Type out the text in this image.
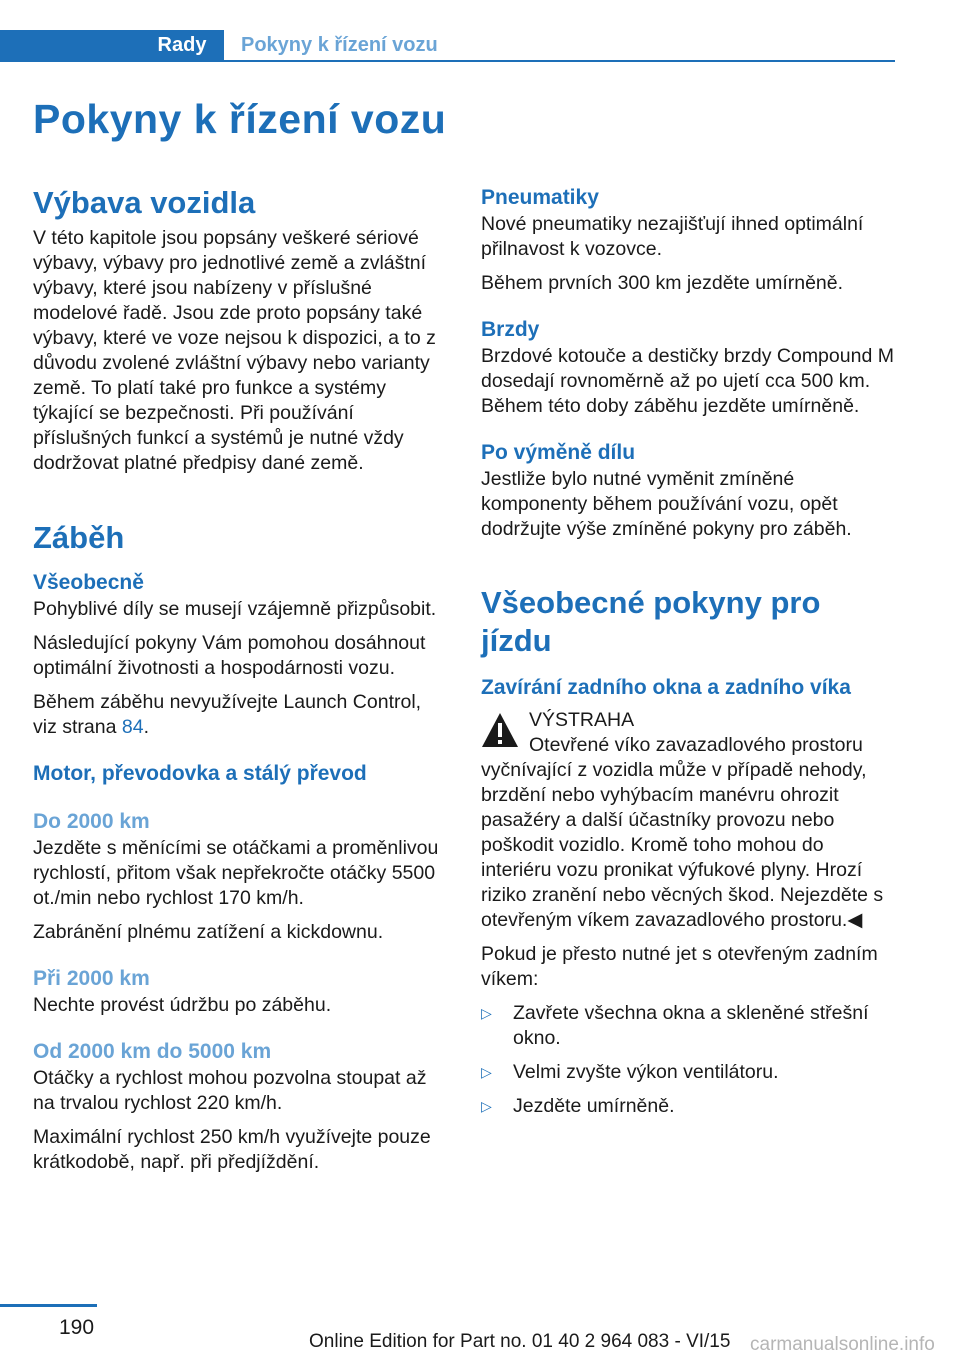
Rady	Pokyny k řízení vozu
Pokyny k řízení vozu
Výbava vozidla

V této kapitole jsou popsány veškeré sériové výbavy, výbavy pro jednotlivé země a zvláštní výbavy, které jsou nabízeny v příslušné modelové řadě. Jsou zde proto popsány také výbavy, které ve voze nejsou k dispozici, a to z důvodu zvolené zvláštní výbavy nebo varianty země. To platí také pro funkce a systémy týkající se bezpečnosti. Při používání příslušných funkcí a systémů je nutné vždy dodržovat platné předpisy dané země.

Záběh
Všeobecně

Pohyblivé díly se musejí vzájemně přizpůsobit.

Následující pokyny Vám pomohou dosáhnout optimální životnosti a hospodárnosti vozu.

Během záběhu nevyužívejte Launch Control, viz strana 84.

Motor, převodovka a stálý převod
Do 2000 km

Jezděte s měnícími se otáčkami a proměnlivou rychlostí, přitom však nepřekročte otáčky 5500 ot./min nebo rychlost 170 km/h.

Zabránění plnému zatížení a kickdownu.

Při 2000 km

Nechte provést údržbu po záběhu.

Od 2000 km do 5000 km

Otáčky a rychlost mohou pozvolna stoupat až na trvalou rychlost 220 km/h.

Maximální rychlost 250 km/h využívejte pouze krátkodobě, např. při předjíždění.

Pneumatiky

Nové pneumatiky nezajišťují ihned optimální přilnavost k vozovce.

Během prvních 300 km jezděte umírněně.

Brzdy

Brzdové kotouče a destičky brzdy Compound M dosedají rovnoměrně až po ujetí cca 500 km. Během této doby záběhu jezděte umírněně.

Po výměně dílu

Jestliže bylo nutné vyměnit zmíněné komponenty během používání vozu, opět dodržujte výše zmíněné pokyny pro záběh.

Všeobecné pokyny pro jízdu
Zavírání zadního okna a zadního víka

VÝSTRAHA

Otevřené víko zavazadlového prostoru vyčnívající z vozidla může v případě nehody, brzdění nebo vyhýbacím manévru ohrozit pasažéry a další účastníky provozu nebo poškodit vozidlo. Kromě toho mohou do interiéru vozu pronikat výfukové plyny. Hrozí riziko zranění nebo věcných škod. Nejezděte s otevřeným víkem zavazadlového prostoru.◀

Pokud je přesto nutné jet s otevřeným zadním víkem:

▷ Zavřete všechna okna a skleněné střešní okno.
▷ Velmi zvyšte výkon ventilátoru.
▷ Jezděte umírněně.
190
Online Edition for Part no. 01 40 2 964 083 - VI/15 carmanualsonline.info
